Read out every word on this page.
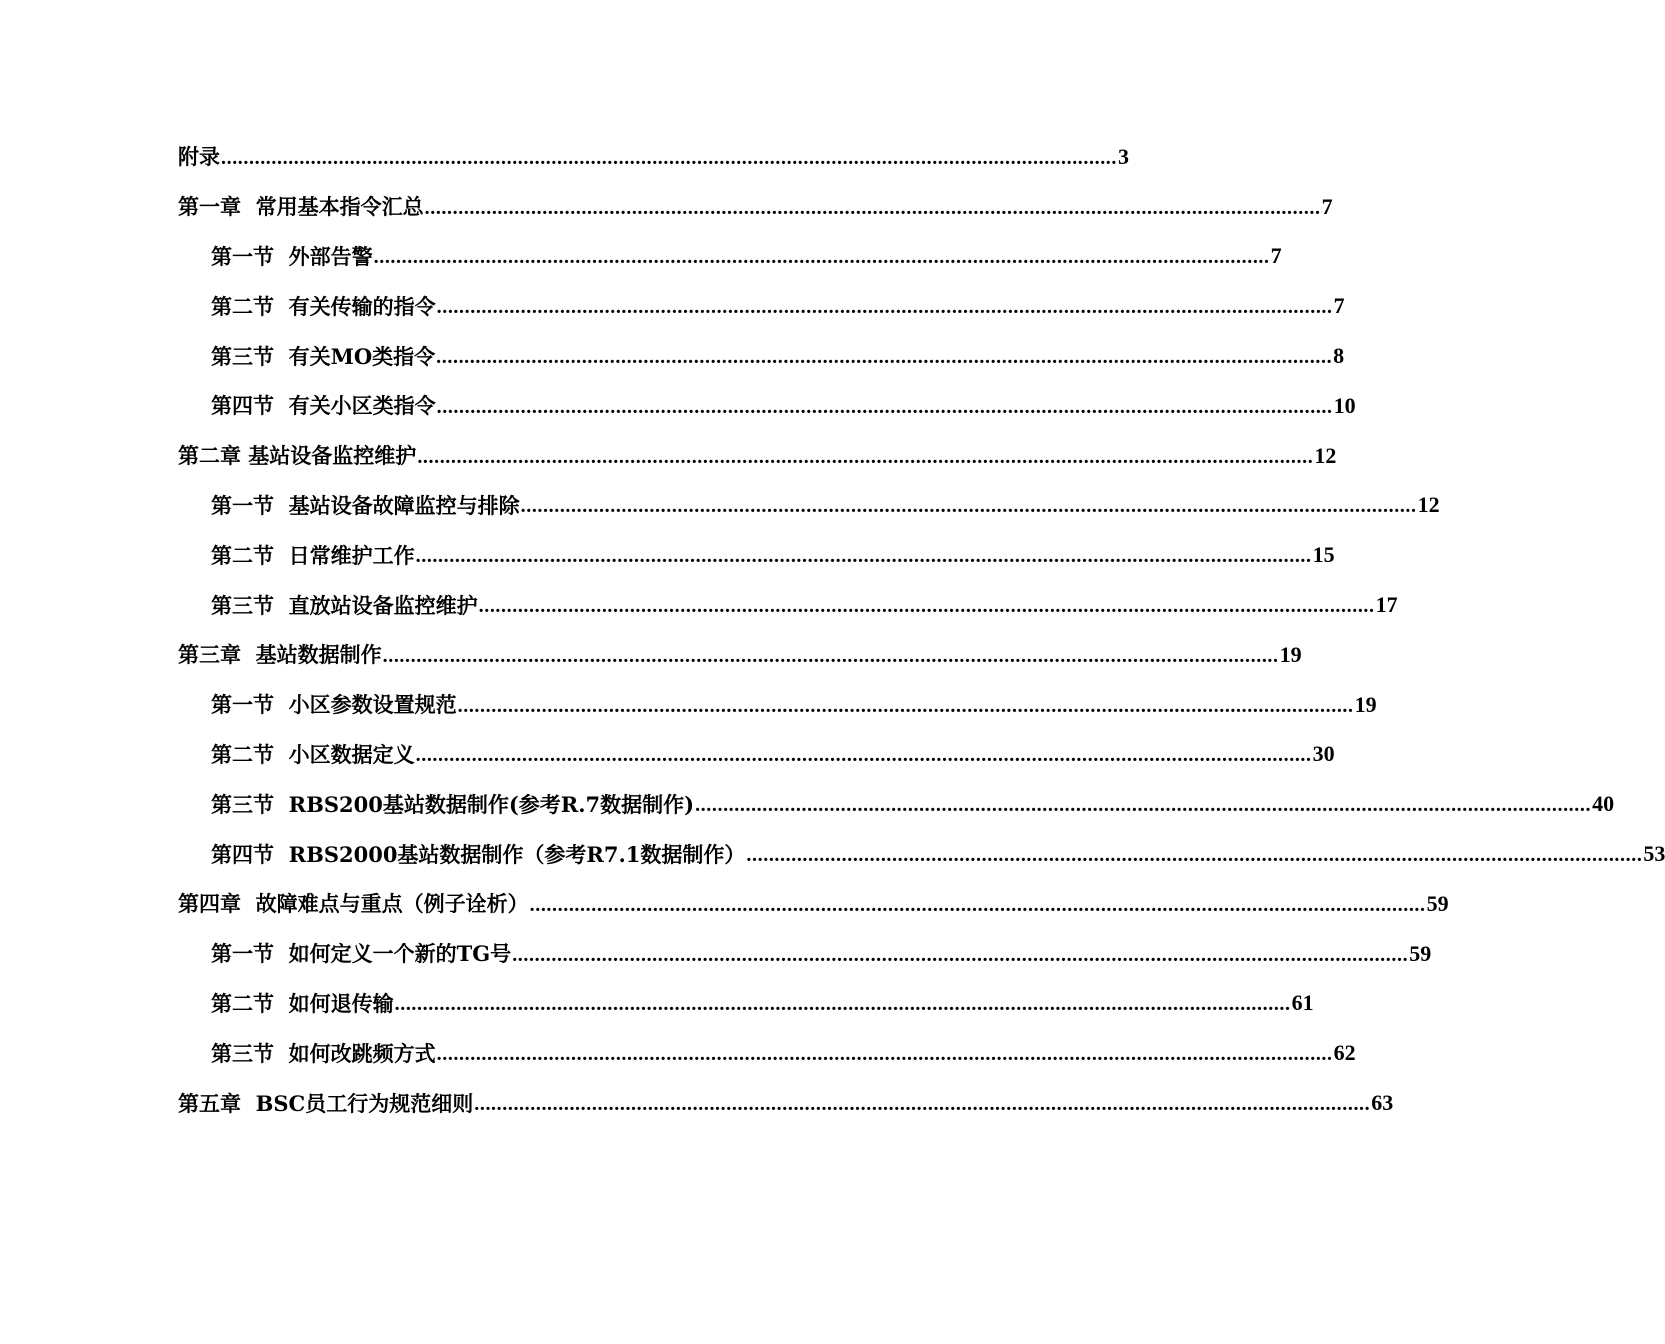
附录 ................................................................................................................................................................ 3
第一章  常用基本指令汇总 ................................................................................................................................................................ 7
第一节  外部告警 ................................................................................................................................................................ 7
第二节  有关传输的指令 ................................................................................................................................................................ 7
第三节  有关MO类指令 ................................................................................................................................................................ 8
第四节  有关小区类指令 ................................................................................................................................................................ 10
第二章 基站设备监控维护 ................................................................................................................................................................ 12
第一节  基站设备故障监控与排除 ................................................................................................................................................................ 12
第二节  日常维护工作 ................................................................................................................................................................ 15
第三节  直放站设备监控维护 ................................................................................................................................................................ 17
第三章  基站数据制作 ................................................................................................................................................................ 19
第一节  小区参数设置规范 ................................................................................................................................................................ 19
第二节  小区数据定义 ................................................................................................................................................................ 30
第三节  RBS200基站数据制作(参考R.7数据制作) ................................................................................................................................................................ 40
第四节  RBS2000基站数据制作（参考R7.1数据制作） ................................................................................................................................................................ 53
第四章  故障难点与重点（例子诠析） ................................................................................................................................................................ 59
第一节  如何定义一个新的TG号 ................................................................................................................................................................ 59
第二节  如何退传输 ................................................................................................................................................................ 61
第三节  如何改跳频方式 ................................................................................................................................................................ 62
第五章  BSC员工行为规范细则 ................................................................................................................................................................ 63
